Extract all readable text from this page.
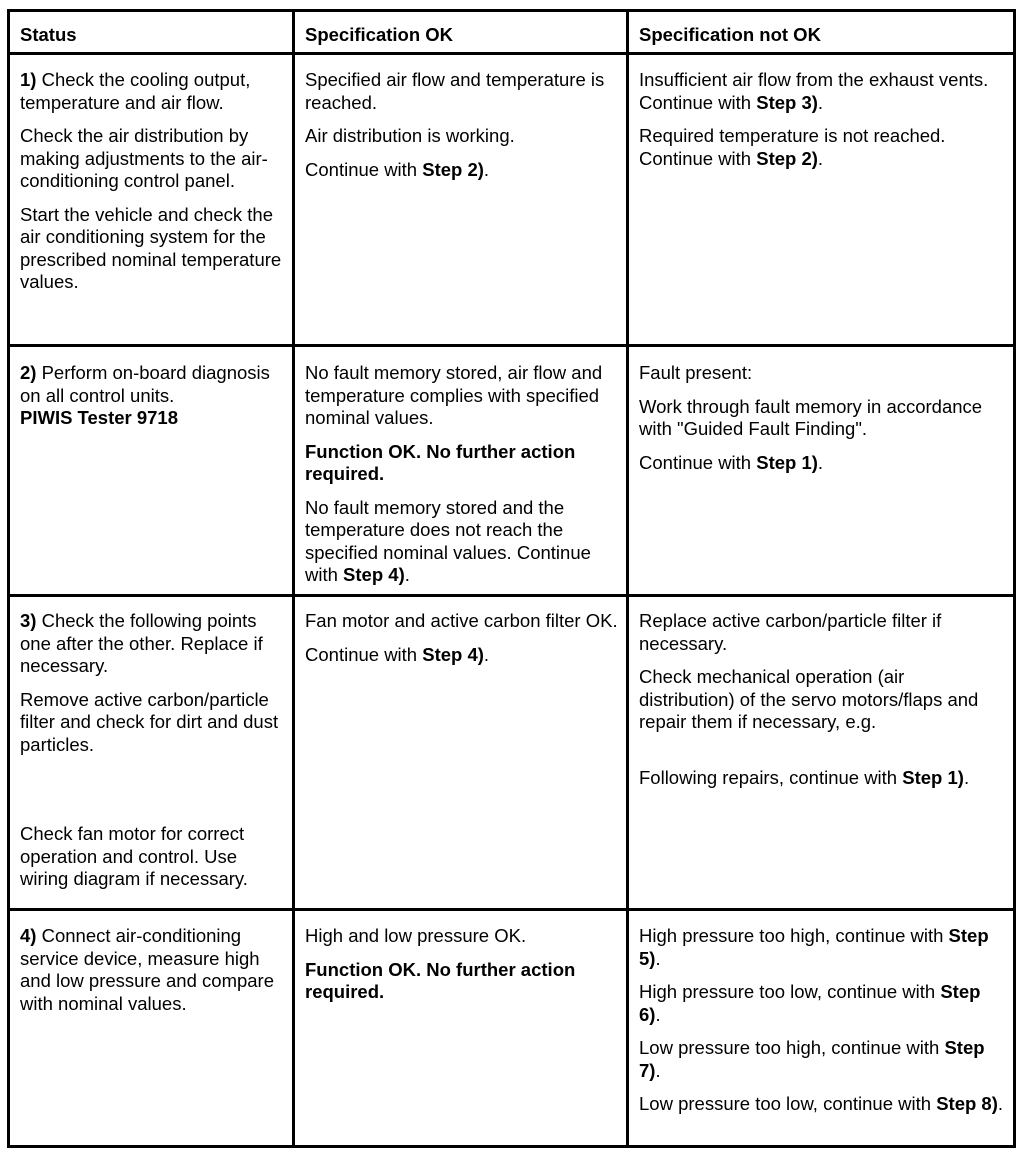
Status	Specification OK	Specification not OK

1) Check the cooling output, temperature and air flow.

Check the air distribution by making adjustments to the air-conditioning control panel.

Start the vehicle and check the air conditioning system for the prescribed nominal temperature values.

Specified air flow and temperature is reached.

Air distribution is working.

Continue with Step 2).

Insufficient air flow from the exhaust vents. Continue with Step 3).

Required temperature is not reached. Continue with Step 2).

2) Perform on-board diagnosis on all control units.
PIWIS Tester 9718

No fault memory stored, air flow and temperature complies with specified nominal values.

Function OK. No further action required.

No fault memory stored and the temperature does not reach the specified nominal values. Continue with Step 4).

Fault present:

Work through fault memory in accordance with "Guided Fault Finding".

Continue with Step 1).

3) Check the following points one after the other. Replace if necessary.

Remove active carbon/particle filter and check for dirt and dust particles.

Check fan motor for correct operation and control. Use wiring diagram if necessary.

Fan motor and active carbon filter OK.

Continue with Step 4).

Replace active carbon/particle filter if necessary.

Check mechanical operation (air distribution) of the servo motors/flaps and repair them if necessary, e.g.

Following repairs, continue with Step 1).

4) Connect air-conditioning service device, measure high and low pressure and compare with nominal values.

High and low pressure OK.

Function OK. No further action required.

High pressure too high, continue with Step 5).

High pressure too low, continue with Step 6).

Low pressure too high, continue with Step 7).

Low pressure too low, continue with Step 8).
